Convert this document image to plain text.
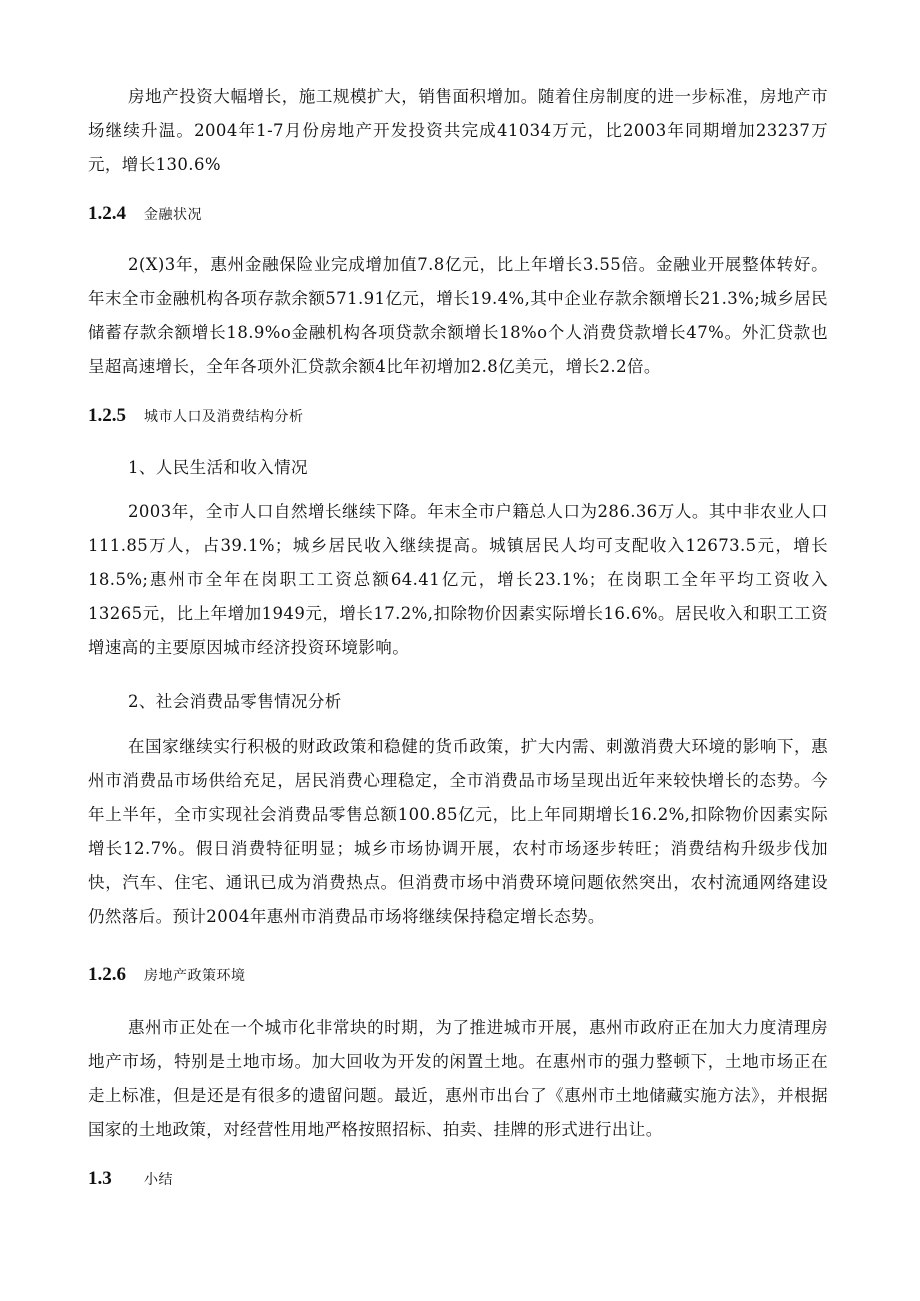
房地产投资大幅增长，施工规模扩大，销售面积增加。随着住房制度的进一步标准，房地产市场继续升温。2004年1-7月份房地产开发投资共完成41034万元，比2003年同期增加23237万元，增长130.6%

1.2.4	金融状况

2(X)3年，惠州金融保险业完成增加值7.8亿元，比上年增长3.55倍。金融业开展整体转好。年末全市金融机构各项存款余额571.91亿元，增长19.4%,其中企业存款余额增长21.3%;城乡居民储蓄存款余额增长18.9%o金融机构各项贷款余额增长18%o个人消费贷款增长47%。外汇贷款也呈超高速增长，全年各项外汇贷款余额4比年初增加2.8亿美元，增长2.2倍。

1.2.5	城市人口及消费结构分析

1、人民生活和收入情况

2003年，全市人口自然增长继续下降。年末全市户籍总人口为286.36万人。其中非农业人口111.85万人，占39.1%；城乡居民收入继续提高。城镇居民人均可支配收入12673.5元，增长18.5%;惠州市全年在岗职工工资总额64.41亿元，增长23.1%；在岗职工全年平均工资收入13265元，比上年增加1949元，增长17.2%,扣除物价因素实际增长16.6%。居民收入和职工工资增速高的主要原因城市经济投资环境影响。

2、社会消费品零售情况分析

在国家继续实行积极的财政政策和稳健的货币政策，扩大内需、刺激消费大环境的影响下，惠州市消费品市场供给充足，居民消费心理稳定，全市消费品市场呈现出近年来较快增长的态势。今年上半年，全市实现社会消费品零售总额100.85亿元，比上年同期增长16.2%,扣除物价因素实际增长12.7%。假日消费特征明显；城乡市场协调开展，农村市场逐步转旺；消费结构升级步伐加快，汽车、住宅、通讯已成为消费热点。但消费市场中消费环境问题依然突出，农村流通网络建设仍然落后。预计2004年惠州市消费品市场将继续保持稳定增长态势。

1.2.6	房地产政策环境

惠州市正处在一个城市化非常块的时期，为了推进城市开展，惠州市政府正在加大力度清理房地产市场，特别是土地市场。加大回收为开发的闲置土地。在惠州市的强力整顿下，土地市场正在走上标准，但是还是有很多的遗留问题。最近，惠州市出台了《惠州市土地储藏实施方法》，并根据国家的土地政策，对经营性用地严格按照招标、拍卖、挂牌的形式进行出让。

1.3	小结
